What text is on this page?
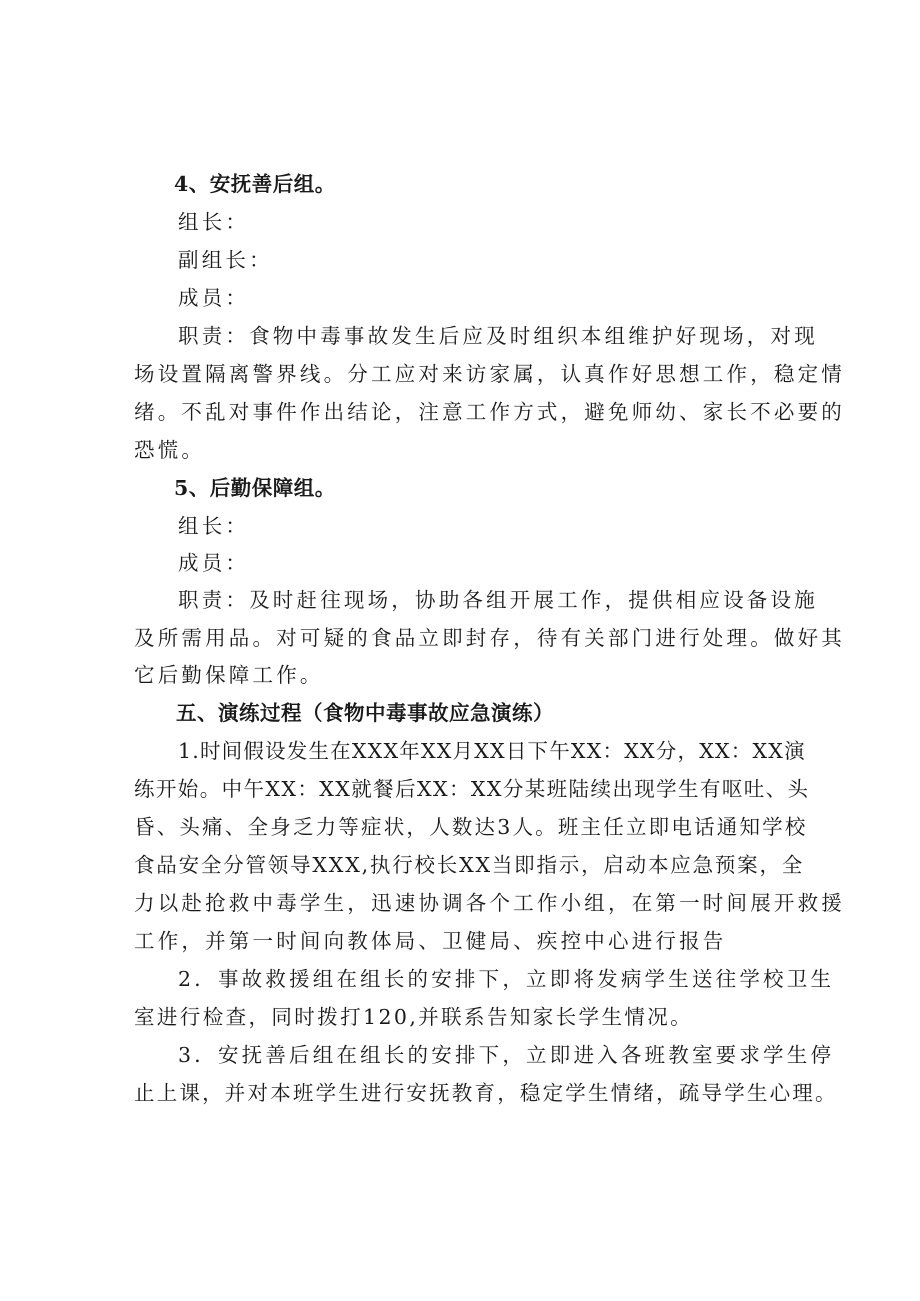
4、安抚善后组。
组长：
副组长：
成员：
职责：食物中毒事故发生后应及时组织本组维护好现场，对现
场设置隔离警界线。分工应对来访家属，认真作好思想工作，稳定情
绪。不乱对事件作出结论，注意工作方式，避免师幼、家长不必要的
恐慌。
5、后勤保障组。
组长：
成员：
职责：及时赶往现场，协助各组开展工作，提供相应设备设施
及所需用品。对可疑的食品立即封存，待有关部门进行处理。做好其
它后勤保障工作。
五、演练过程（食物中毒事故应急演练）
1.时间假设发生在XXX年XX月XX日下午XX：XX分，XX：XX演
练开始。中午XX：XX就餐后XX：XX分某班陆续出现学生有呕吐、头
昏、头痛、全身乏力等症状，人数达3人。班主任立即电话通知学校
食品安全分管领导XXX,执行校长XX当即指示，启动本应急预案，全
力以赴抢救中毒学生，迅速协调各个工作小组，在第一时间展开救援
工作，并第一时间向教体局、卫健局、疾控中心进行报告
2．事故救援组在组长的安排下，立即将发病学生送往学校卫生
室进行检查，同时拨打120,并联系告知家长学生情况。
3．安抚善后组在组长的安排下，立即进入各班教室要求学生停
止上课，并对本班学生进行安抚教育，稳定学生情绪，疏导学生心理。
